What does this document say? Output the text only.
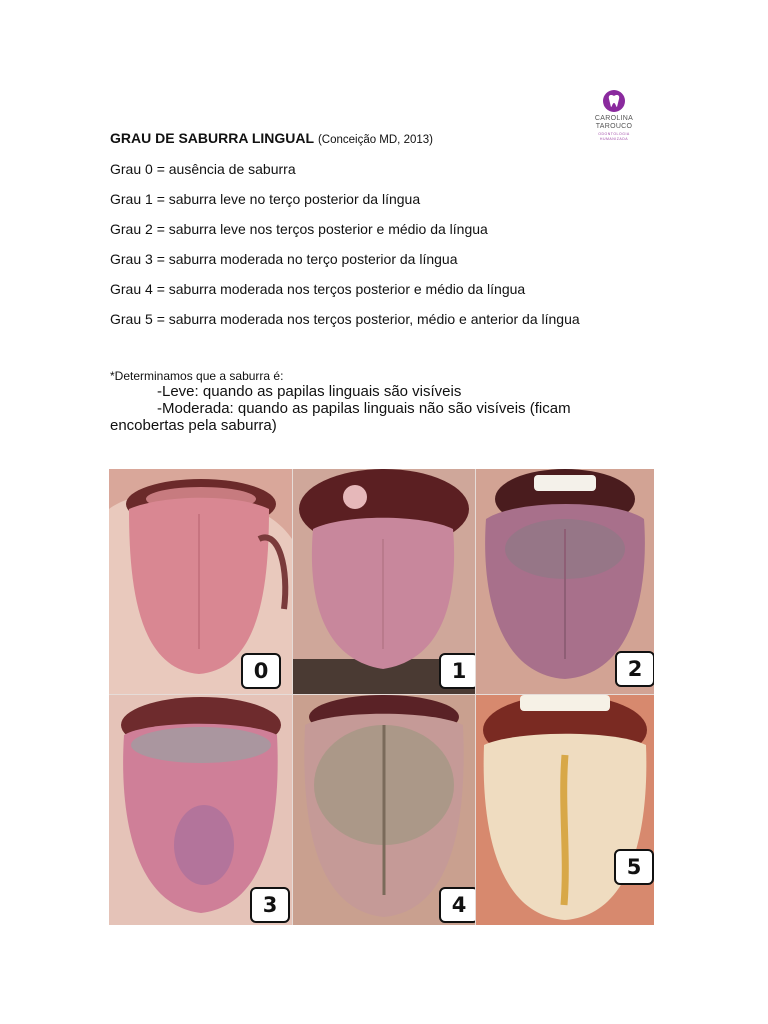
CAROLINA
TAROUCO
ODONTOLOGIA HUMANIZADA
GRAU DE SABURRA LINGUAL (Conceição MD, 2013)
Grau 0 = ausência de saburra
Grau 1 = saburra leve no terço posterior da língua
Grau 2 = saburra leve nos terços posterior e médio da língua
Grau 3 = saburra moderada no terço posterior da língua
Grau 4 = saburra moderada nos terços posterior e médio da língua
Grau 5 = saburra moderada nos terços posterior, médio e anterior da língua
*Determinamos que a saburra é:
-Leve: quando as papilas linguais são visíveis
-Moderada: quando as papilas linguais não são visíveis (ficam
encobertas pela saburra)
0	1	2
3	4
5
